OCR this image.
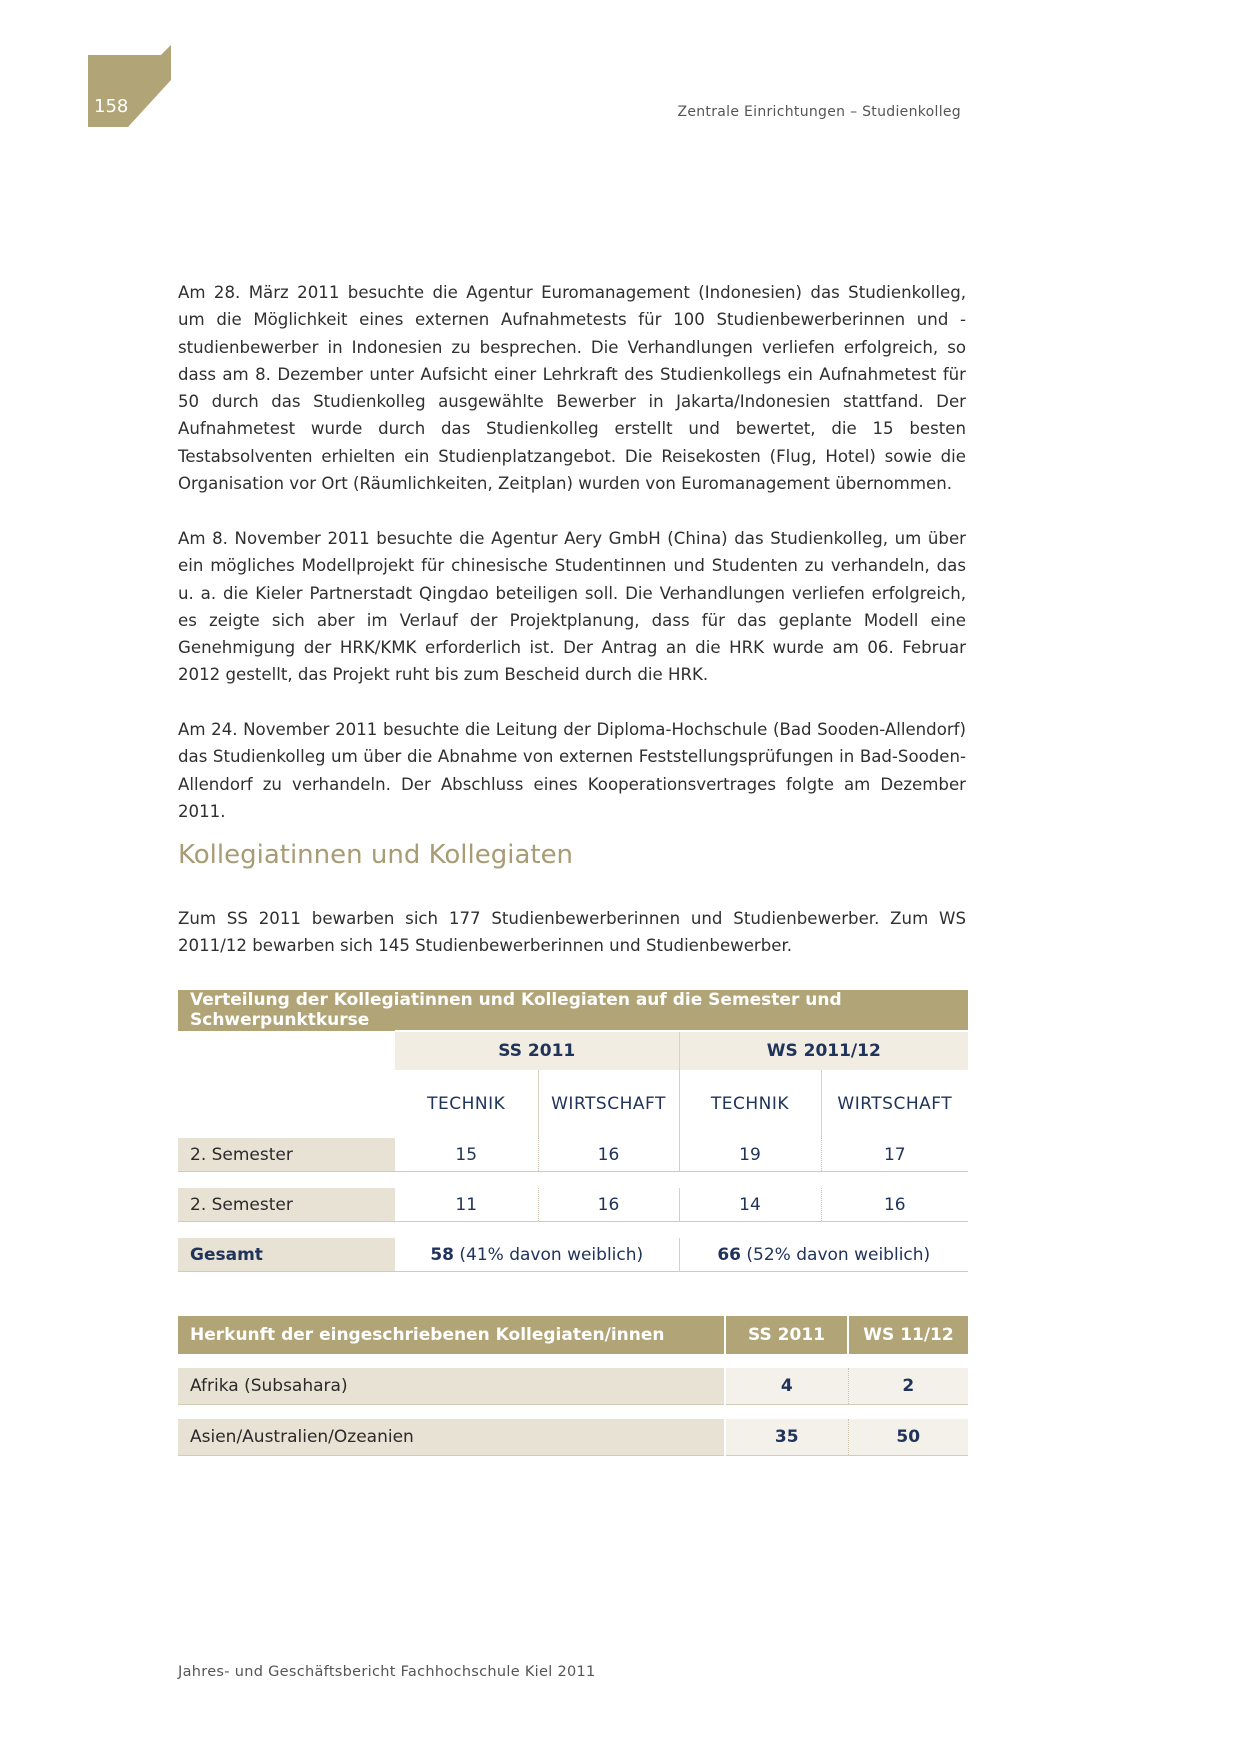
158	Zentrale Einrichtungen – Studienkolleg

Am 28. März 2011 besuchte die Agentur Euromanagement (Indonesien) das Studienkolleg, um die Möglichkeit eines externen Aufnahmetests für 100 Studienbewerberinnen und -studienbewerber in Indonesien zu besprechen. Die Verhandlungen verliefen erfolgreich, so dass am 8. Dezember unter Aufsicht einer Lehrkraft des Studienkollegs ein Aufnahmetest für 50 durch das Studienkolleg ausgewählte Bewerber in Jakarta/Indonesien stattfand. Der Aufnahmetest wurde durch das Studienkolleg erstellt und bewertet, die 15 besten Testabsolventen erhielten ein Studienplatzangebot. Die Reisekosten (Flug, Hotel) sowie die Organisation vor Ort (Räumlichkeiten, Zeitplan) wurden von Euromanagement übernommen.

Am 8. November 2011 besuchte die Agentur Aery GmbH (China) das Studienkolleg, um über ein mögliches Modellprojekt für chinesische Studentinnen und Studenten zu verhandeln, das u. a. die Kieler Partnerstadt Qingdao beteiligen soll. Die Verhandlungen verliefen erfolgreich, es zeigte sich aber im Verlauf der Projektplanung, dass für das geplante Modell eine Genehmigung der HRK/KMK erforderlich ist. Der Antrag an die HRK wurde am 06. Februar 2012 gestellt, das Projekt ruht bis zum Bescheid durch die HRK.

Am 24. November 2011 besuchte die Leitung der Diploma-Hochschule (Bad Sooden-Allendorf) das Studienkolleg um über die Abnahme von externen Feststellungsprüfungen in Bad-Sooden-Allendorf zu verhandeln. Der Abschluss eines Kooperationsvertrages folgte am Dezember 2011.

Kollegiatinnen und Kollegiaten

Zum SS 2011 bewarben sich 177 Studienbewerberinnen und Studienbewerber. Zum WS 2011/12 bewarben sich 145 Studienbewerberinnen und Studienbewerber.

Verteilung der Kollegiatinnen und Kollegiaten auf die Semester und Schwerpunktkurse				
	SS 2011		WS 2011/12	
	TECHNIK	WIRTSCHAFT	TECHNIK	WIRTSCHAFT
2. Semester	15	16	19	17

2. Semester	11	16	14	16

Gesamt	58 (41% davon weiblich)		66 (52% davon weiblich)	
Herkunft der eingeschriebenen Kollegiaten/innen	SS 2011	WS 11/12

Afrika (Subsahara)	4	2

Asien/Australien/Ozeanien	35	50
Jahres- und Geschäftsbericht Fachhochschule Kiel 2011
